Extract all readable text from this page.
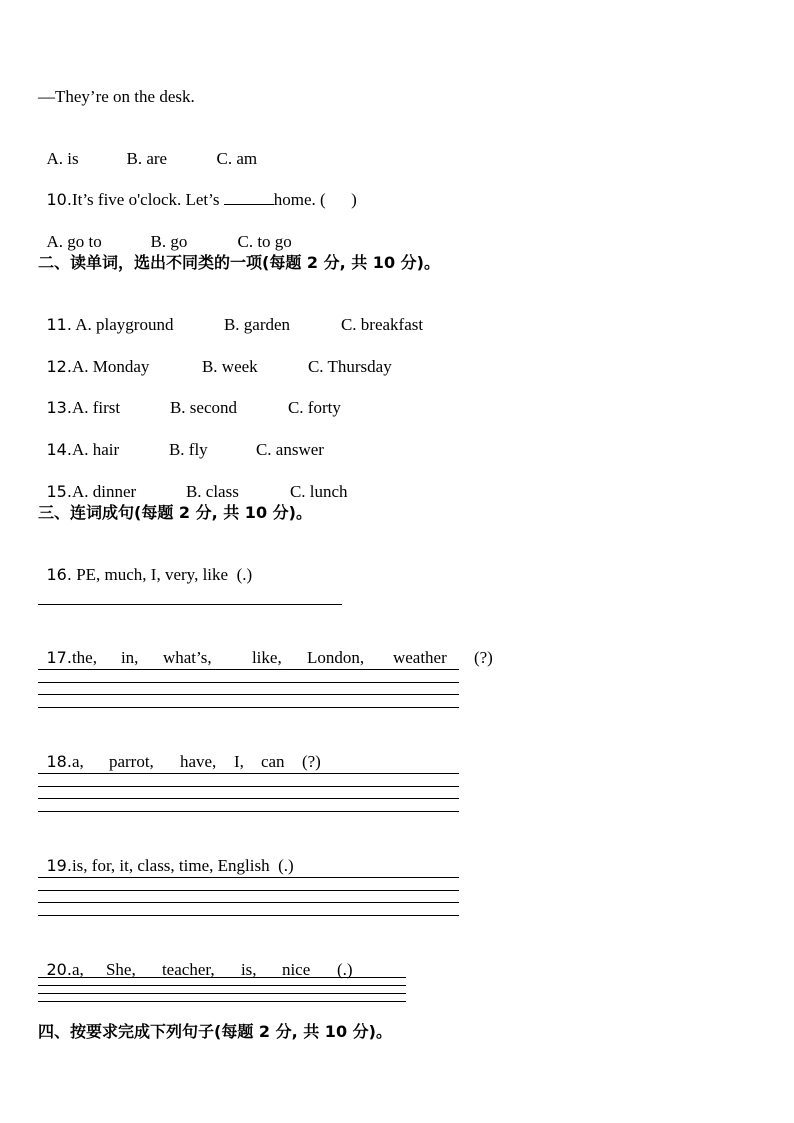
—They’re on the desk.

A. is	B. are	C. am

10.It’s five o'clock. Let’s	home. (      )

A. go to	B. go	C. to go

二、读单词，选出不同类的一项(每题 2 分, 共 10 分)。

11. A. playground	B. garden	C. breakfast

12.A. Monday	B. week	C. Thursday

13.A. first	B. second	C. forty

14.A. hair	B. fly	C. answer

15.A. dinner	B. class	C. lunch

三、连词成句(每题 2 分, 共 10 分)。

16. PE, much, I, very, like  (.)

17.the, in, what’s, like, London, weather (?)

18.a, parrot, have, I, can (?)

19.is, for, it, class, time, English  (.)

20.a, She, teacher, is, nice (.)

四、按要求完成下列句子(每题 2 分, 共 10 分)。
